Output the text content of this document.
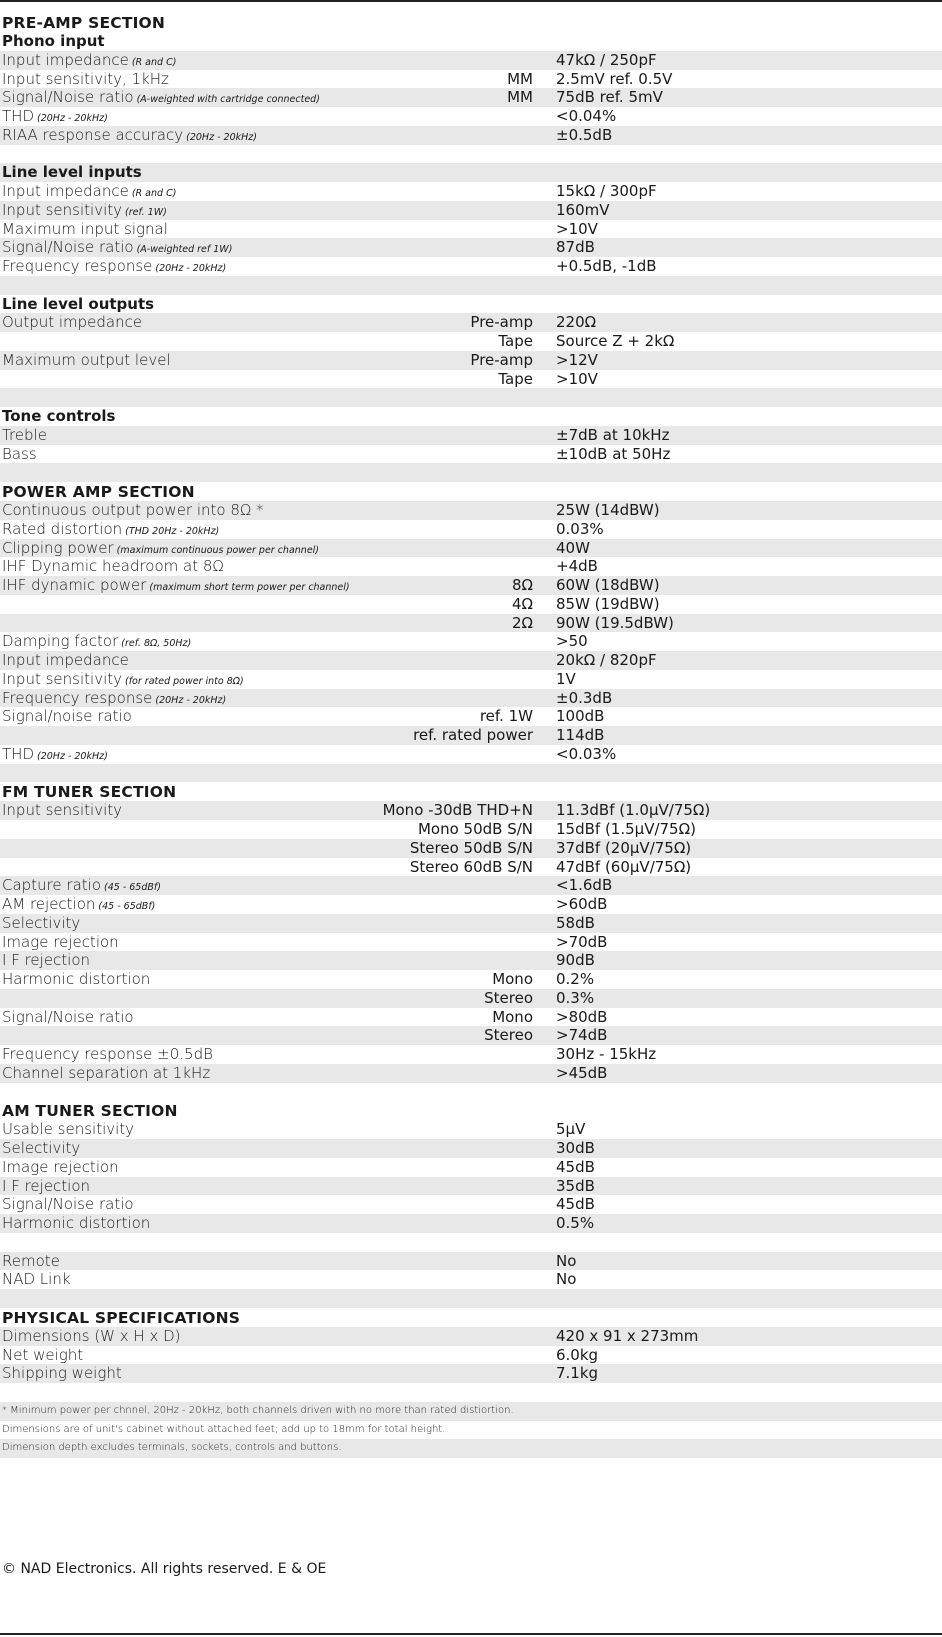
PRE-AMP SECTION
Phono input
Input impedance (R and C)	47kΩ / 250pF
Input sensitivity, 1kHz	MM 2.5mV ref. 0.5V
Signal/Noise ratio (A-weighted with cartridge connected)	MM 75dB ref. 5mV
THD (20Hz - 20kHz)	<0.04%
RIAA response accuracy (20Hz - 20kHz)	±0.5dB
Line level inputs
Input impedance (R and C)	15kΩ / 300pF
Input sensitivity (ref. 1W)	160mV
Maximum input signal	>10V
Signal/Noise ratio (A-weighted ref 1W)	87dB
Frequency response (20Hz - 20kHz)	+0.5dB, -1dB
Line level outputs
Output impedance	Pre-amp 220Ω
Tape Source Z + 2kΩ
Maximum output level	Pre-amp >12V
Tape >10V
Tone controls
Treble	±7dB at 10kHz
Bass	±10dB at 50Hz
POWER AMP SECTION
Continuous output power into 8Ω *	25W (14dBW)
Rated distortion (THD 20Hz - 20kHz)	0.03%
Clipping power (maximum continuous power per channel)	40W
IHF Dynamic headroom at 8Ω	+4dB
IHF dynamic power (maximum short term power per channel)	8Ω 60W (18dBW)
4Ω 85W (19dBW)
2Ω 90W (19.5dBW)
Damping factor (ref. 8Ω, 50Hz)	>50
Input impedance	20kΩ / 820pF
Input sensitivity (for rated power into 8Ω)	1V
Frequency response (20Hz - 20kHz)	±0.3dB
Signal/noise ratio	ref. 1W 100dB
ref. rated power 114dB
THD (20Hz - 20kHz)	<0.03%
FM TUNER SECTION
Input sensitivity	Mono -30dB THD+N 11.3dBf (1.0µV/75Ω)
Mono 50dB S/N 15dBf (1.5µV/75Ω)
Stereo 50dB S/N 37dBf (20µV/75Ω)
Stereo 60dB S/N 47dBf (60µV/75Ω)
Capture ratio (45 - 65dBf)	<1.6dB
AM rejection (45 - 65dBf)	>60dB
Selectivity	58dB
Image rejection	>70dB
I F rejection	90dB
Harmonic distortion	Mono 0.2%
Stereo 0.3%
Signal/Noise ratio	Mono >80dB
Stereo >74dB
Frequency response ±0.5dB	30Hz - 15kHz
Channel separation at 1kHz	>45dB
AM TUNER SECTION
Usable sensitivity	5µV
Selectivity	30dB
Image rejection	45dB
I F rejection	35dB
Signal/Noise ratio	45dB
Harmonic distortion	0.5%
Remote	No
NAD Link	No
PHYSICAL SPECIFICATIONS
Dimensions (W x H x D)	420 x 91 x 273mm
Net weight	6.0kg
Shipping weight	7.1kg
* Minimum power per chnnel, 20Hz - 20kHz, both channels driven with no more than rated distiortion.
Dimensions are of unit's cabinet without attached feet; add up to 18mm for total height.
Dimension depth excludes terminals, sockets, controls and buttons.
© NAD Electronics. All rights reserved. E & OE
